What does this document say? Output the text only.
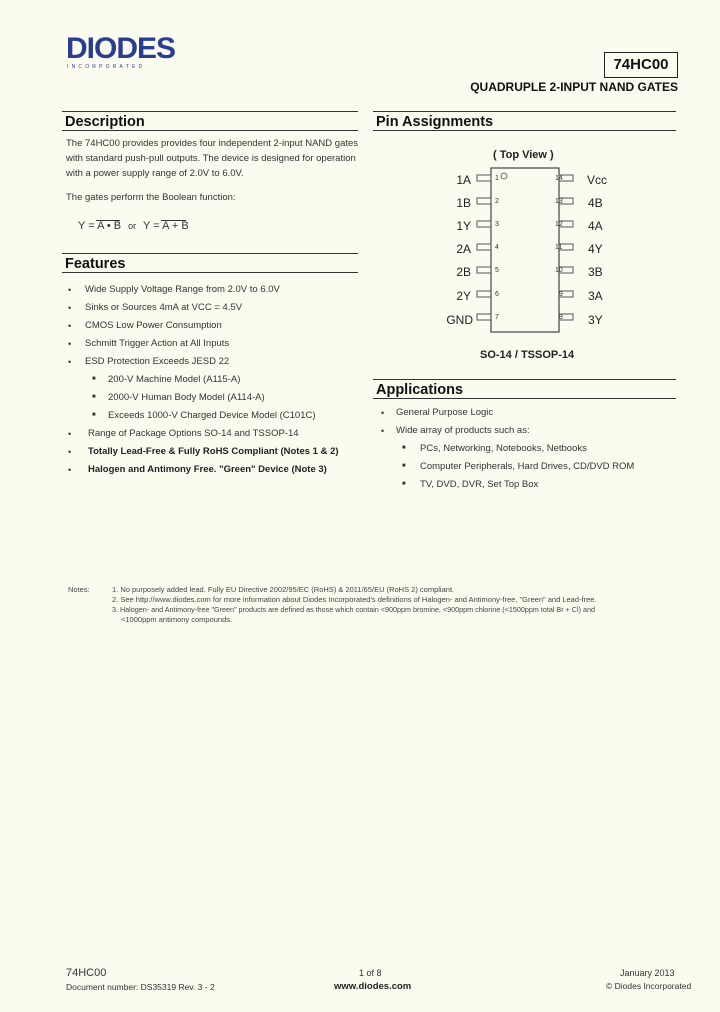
DIODES
INCORPORATED	74HC00
QUADRUPLE 2-INPUT NAND GATES
Description
The 74HC00 provides provides four independent 2-input NAND gates
with standard push-pull outputs. The device is designed for operation
with a power supply range of 2.0V to 6.0V.
The gates perform the Boolean function:
Y = A • B or Y = A + B
Features
• Wide Supply Voltage Range from 2.0V to 6.0V
• Sinks or Sources 4mA at VCC = 4.5V
• CMOS Low Power Consumption
• Schmitt Trigger Action at All Inputs
• ESD Protection Exceeds JESD 22
■ 200-V Machine Model (A115-A)
■ 2000-V Human Body Model (A114-A)
■ Exceeds 1000-V Charged Device Model (C101C)
• Range of Package Options SO-14 and TSSOP-14
• Totally Lead-Free & Fully RoHS Compliant (Notes 1 & 2)
• Halogen and Antimony Free. "Green" Device (Note 3)
Pin Assignments
( Top View )
1A
1B
1Y
2A
2B
2Y
GND
1
2
3
4
5
6
7
14
13
12
11
10
9
8
Vcc
4B
4A
4Y
3B
3A
3Y
SO-14 / TSSOP-14
Applications
• General Purpose Logic
• Wide array of products such as:
■ PCs, Networking, Notebooks, Netbooks
■ Computer Peripherals, Hard Drives, CD/DVD ROM
■ TV, DVD, DVR, Set Top Box
Notes:	1. No purposely added lead. Fully EU Directive 2002/95/EC (RoHS) & 2011/65/EU (RoHS 2) compliant.
2. See http://www.diodes.com for more information about Diodes Incorporated's definitions of Halogen- and Antimony-free, "Green" and Lead-free.
3. Halogen- and Antimony-free "Green" products are defined as those which contain <900ppm bromine, <900ppm chlorine (<1500ppm total Br + Cl) and
<1000ppm antimony compounds.
74HC00
Document number: DS35319 Rev. 3 - 2
1 of 8
www.diodes.com
January 2013
© Diodes Incorporated
